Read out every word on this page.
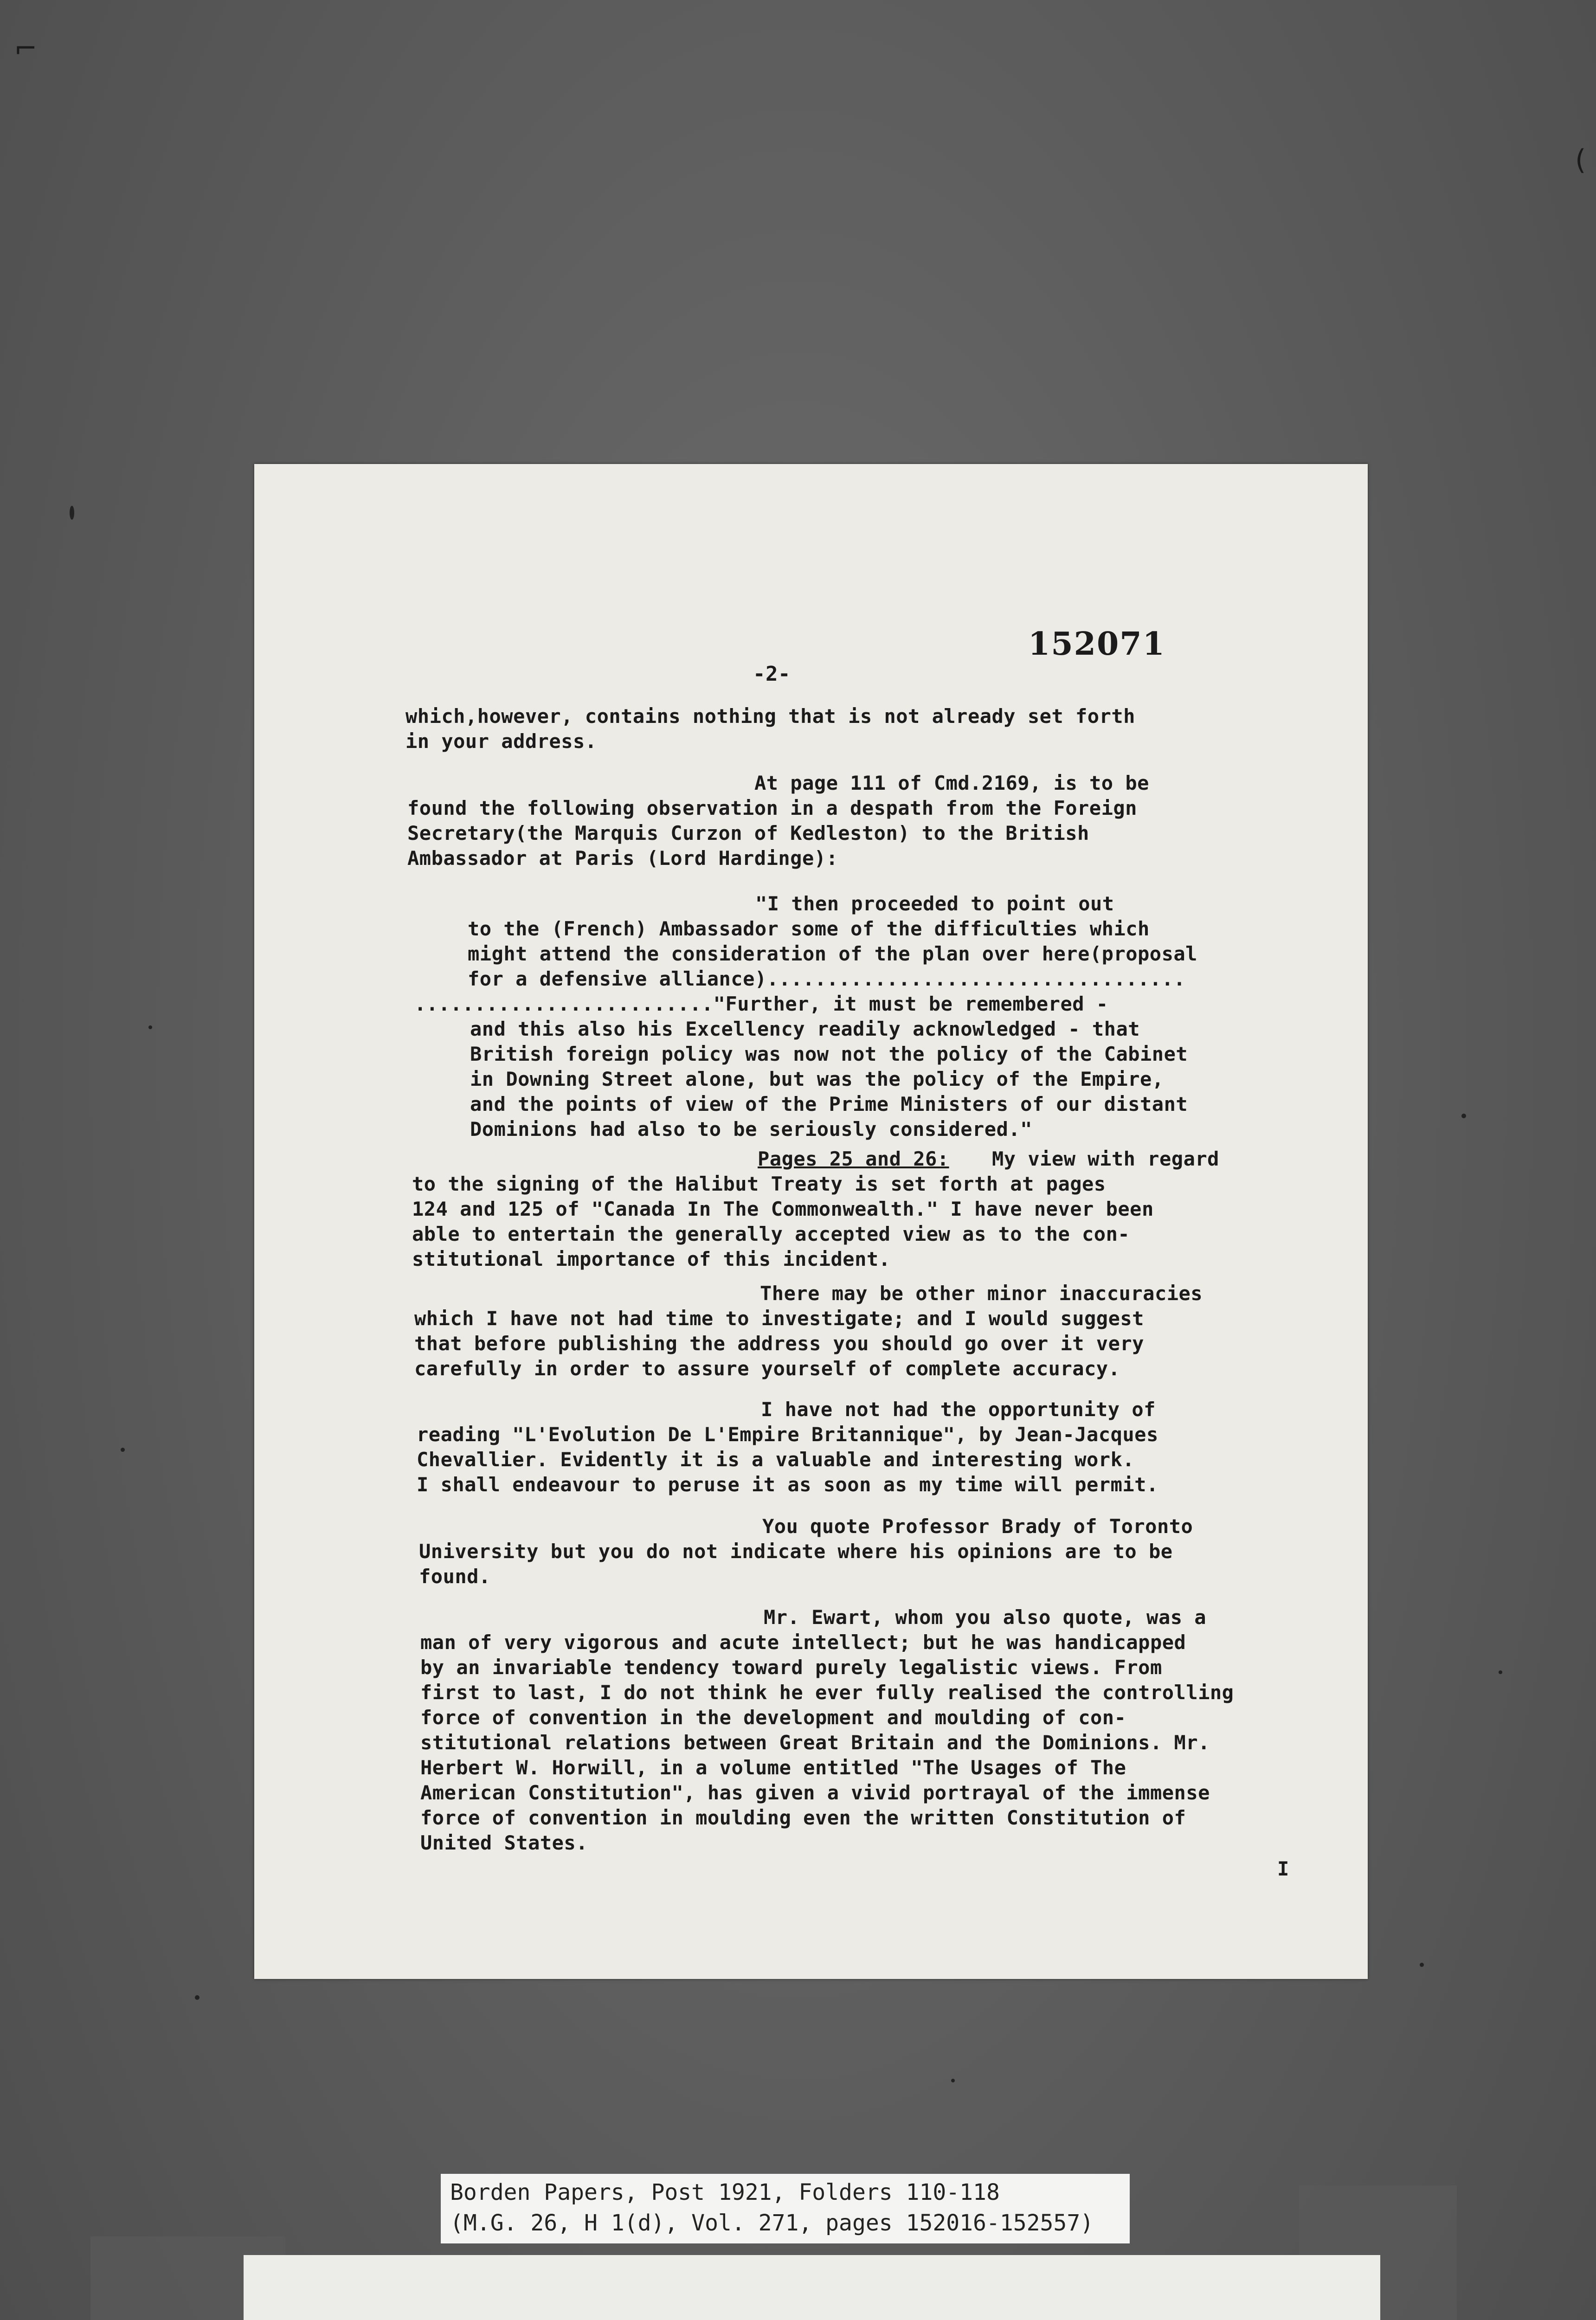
⌐
(
152071
-2-
which,however, contains nothing that is not already set forth
in your address.
At page 111 of Cmd.2169, is to be
found the following observation in a despath from the Foreign
Secretary(the Marquis Curzon of Kedleston) to the British
Ambassador at Paris (Lord Hardinge):
"I then proceeded to point out
to the (French) Ambassador some of the difficulties which
might attend the consideration of the plan over here(proposal
for a defensive alliance)...................................
........................."Further, it must be remembered -
and this also his Excellency readily acknowledged - that
British foreign policy was now not the policy of the Cabinet
in Downing Street alone, but was the policy of the Empire,
and the points of view of the Prime Ministers of our distant
Dominions had also to be seriously considered."
Pages 25 and 26: My view with regard
to the signing of the Halibut Treaty is set forth at pages
124 and 125 of "Canada In The Commonwealth." I have never been
able to entertain the generally accepted view as to the con-
stitutional importance of this incident.
There may be other minor inaccuracies
which I have not had time to investigate; and I would suggest
that before publishing the address you should go over it very
carefully in order to assure yourself of complete accuracy.
I have not had the opportunity of
reading "L'Evolution De L'Empire Britannique", by Jean-Jacques
Chevallier. Evidently it is a valuable and interesting work.
I shall endeavour to peruse it as soon as my time will permit.
You quote Professor Brady of Toronto
University but you do not indicate where his opinions are to be
found.
Mr. Ewart, whom you also quote, was a
man of very vigorous and acute intellect; but he was handicapped
by an invariable tendency toward purely legalistic views. From
first to last, I do not think he ever fully realised the controlling
force of convention in the development and moulding of con-
stitutional relations between Great Britain and the Dominions. Mr.
Herbert W. Horwill, in a volume entitled "The Usages of The
American Constitution", has given a vivid portrayal of the immense
force of convention in moulding even the written Constitution of
United States.
I
Borden Papers, Post 1921, Folders 110-118
(M.G. 26, H 1(d), Vol. 271, pages 152016-152557)
